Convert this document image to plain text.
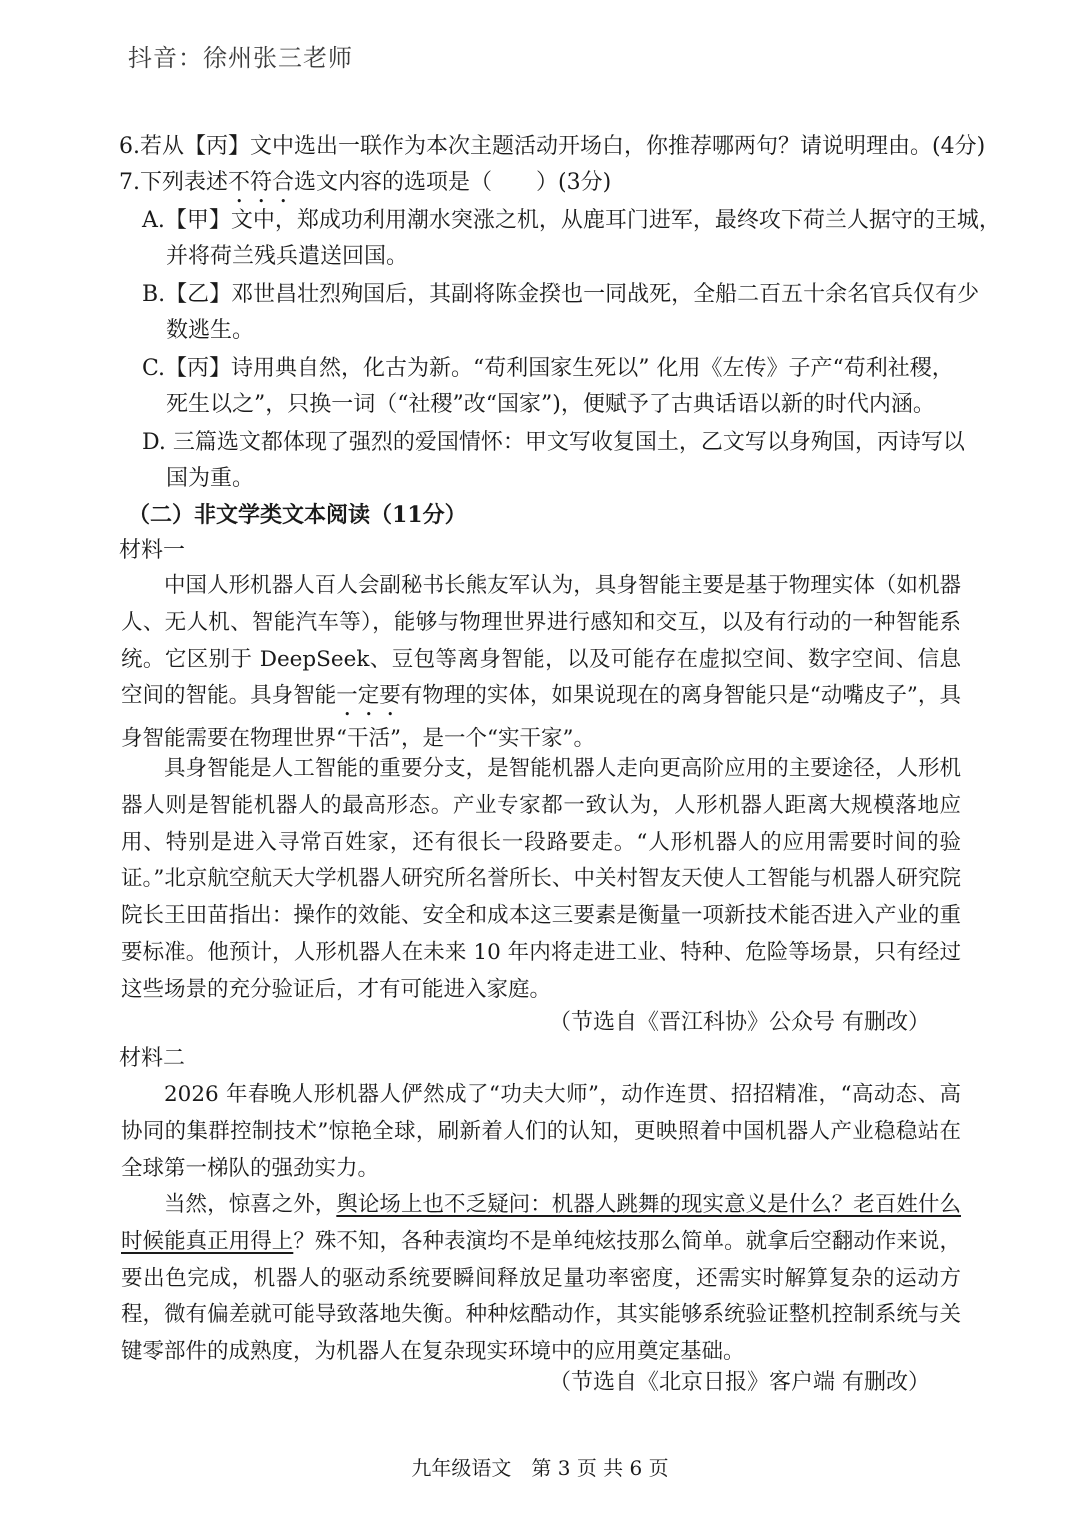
抖音：徐州张三老师
6.若从【丙】文中选出一联作为本次主题活动开场白，你推荐哪两句？请说明理由。(4分)
7.下列表述不符合选文内容的选项是（　　）(3分)
A.【甲】文中，郑成功利用潮水突涨之机，从鹿耳门进军，最终攻下荷兰人据守的王城，
并将荷兰残兵遣送回国。
B.【乙】邓世昌壮烈殉国后，其副将陈金揆也一同战死，全船二百五十余名官兵仅有少
数逃生。
C.【丙】诗用典自然，化古为新。“苟利国家生死以” 化用《左传》子产“苟利社稷，
死生以之”，只换一词（“社稷”改“国家”)，便赋予了古典话语以新的时代内涵。
D. 三篇选文都体现了强烈的爱国情怀：甲文写收复国土，乙文写以身殉国，丙诗写以
国为重。
（二）非文学类文本阅读（11分）
材料一
中国人形机器人百人会副秘书长熊友军认为，具身智能主要是基于物理实体（如机器人、无人机、智能汽车等），能够与物理世界进行感知和交互，以及有行动的一种智能系统。它区别于 DeepSeek、豆包等离身智能，以及可能存在虚拟空间、数字空间、信息空间的智能。具身智能一定要有物理的实体，如果说现在的离身智能只是“动嘴皮子”，具身智能需要在物理世界“干活”，是一个“实干家”。
具身智能是人工智能的重要分支，是智能机器人走向更高阶应用的主要途径，人形机器人则是智能机器人的最高形态。产业专家都一致认为，人形机器人距离大规模落地应用、特别是进入寻常百姓家，还有很长一段路要走。“人形机器人的应用需要时间的验证。”北京航空航天大学机器人研究所名誉所长、中关村智友天使人工智能与机器人研究院院长王田苗指出：操作的效能、安全和成本这三要素是衡量一项新技术能否进入产业的重要标准。他预计，人形机器人在未来 10 年内将走进工业、特种、危险等场景，只有经过这些场景的充分验证后，才有可能进入家庭。
（节选自《晋江科协》公众号 有删改）
材料二
2026 年春晚人形机器人俨然成了“功夫大师”，动作连贯、招招精准，“高动态、高协同的集群控制技术”惊艳全球，刷新着人们的认知，更映照着中国机器人产业稳稳站在全球第一梯队的强劲实力。
当然，惊喜之外，舆论场上也不乏疑问：机器人跳舞的现实意义是什么？老百姓什么时候能真正用得上？殊不知，各种表演均不是单纯炫技那么简单。就拿后空翻动作来说，要出色完成，机器人的驱动系统要瞬间释放足量功率密度，还需实时解算复杂的运动方程，微有偏差就可能导致落地失衡。种种炫酷动作，其实能够系统验证整机控制系统与关键零部件的成熟度，为机器人在复杂现实环境中的应用奠定基础。
（节选自《北京日报》客户端 有删改）
九年级语文　第 3 页 共 6 页
